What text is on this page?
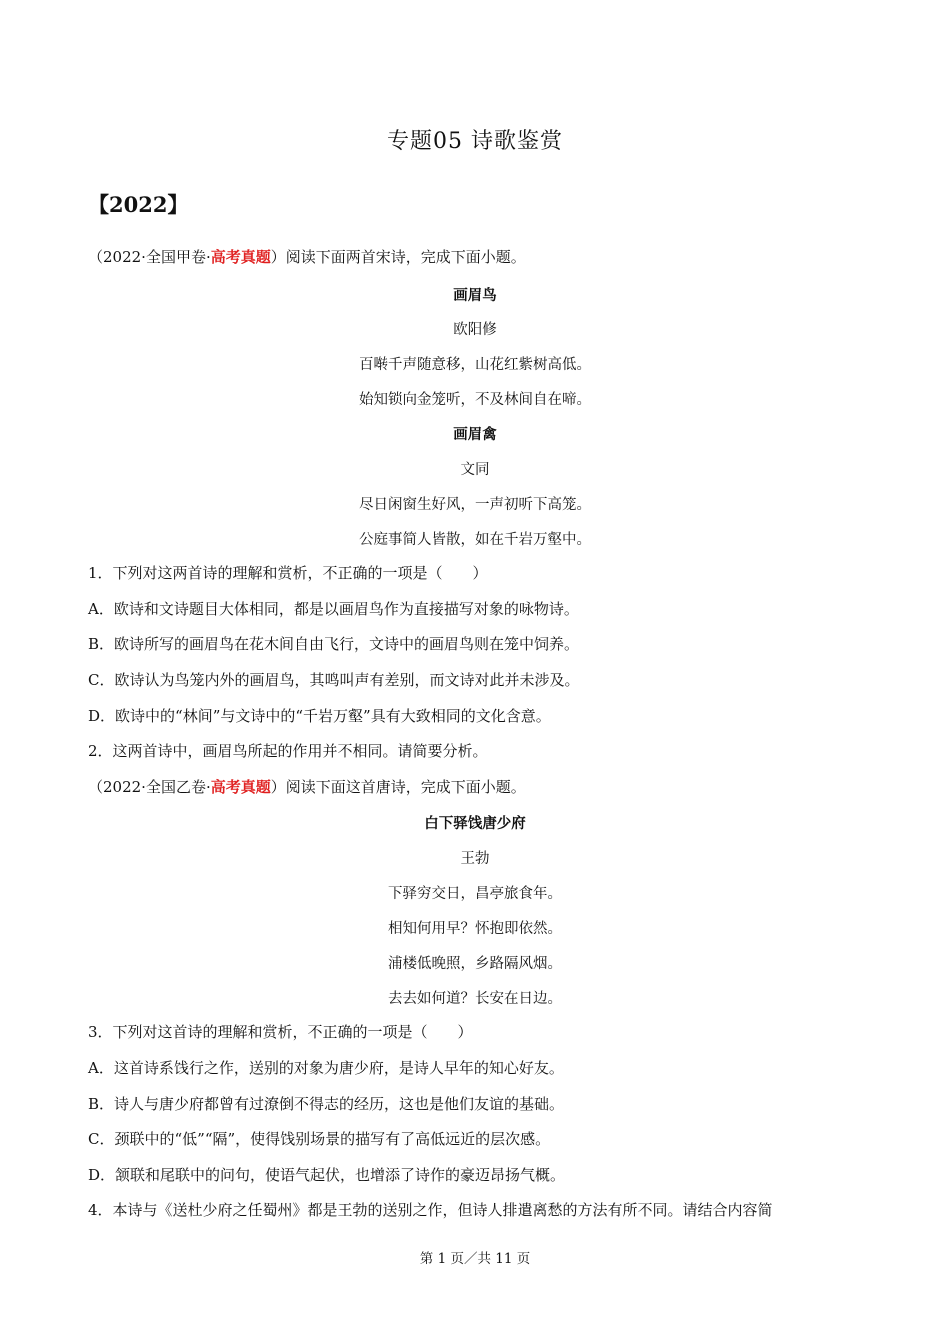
专题05 诗歌鉴赏
【2022】
（2022·全国甲卷·高考真题）阅读下面两首宋诗，完成下面小题。
画眉鸟
欧阳修
百啭千声随意移，山花红紫树高低。
始知锁向金笼听，不及林间自在啼。
画眉禽
文同
尽日闲窗生好风，一声初听下高笼。
公庭事简人皆散，如在千岩万壑中。
1．下列对这两首诗的理解和赏析，不正确的一项是（　　）
A．欧诗和文诗题目大体相同，都是以画眉鸟作为直接描写对象的咏物诗。
B．欧诗所写的画眉鸟在花木间自由飞行，文诗中的画眉鸟则在笼中饲养。
C．欧诗认为鸟笼内外的画眉鸟，其鸣叫声有差别，而文诗对此并未涉及。
D．欧诗中的“林间”与文诗中的“千岩万壑”具有大致相同的文化含意。
2．这两首诗中，画眉鸟所起的作用并不相同。请简要分析。
（2022·全国乙卷·高考真题）阅读下面这首唐诗，完成下面小题。
白下驿饯唐少府
王勃
下驿穷交日，昌亭旅食年。
相知何用早？怀抱即依然。
浦楼低晚照，乡路隔风烟。
去去如何道？长安在日边。
3．下列对这首诗的理解和赏析，不正确的一项是（　　）
A．这首诗系饯行之作，送别的对象为唐少府，是诗人早年的知心好友。
B．诗人与唐少府都曾有过潦倒不得志的经历，这也是他们友谊的基础。
C．颈联中的“低”“隔”，使得饯别场景的描写有了高低远近的层次感。
D．颔联和尾联中的问句，使语气起伏，也增添了诗作的豪迈昂扬气概。
4．本诗与《送杜少府之任蜀州》都是王勃的送别之作，但诗人排遣离愁的方法有所不同。请结合内容简
第 1 页／共 11 页
